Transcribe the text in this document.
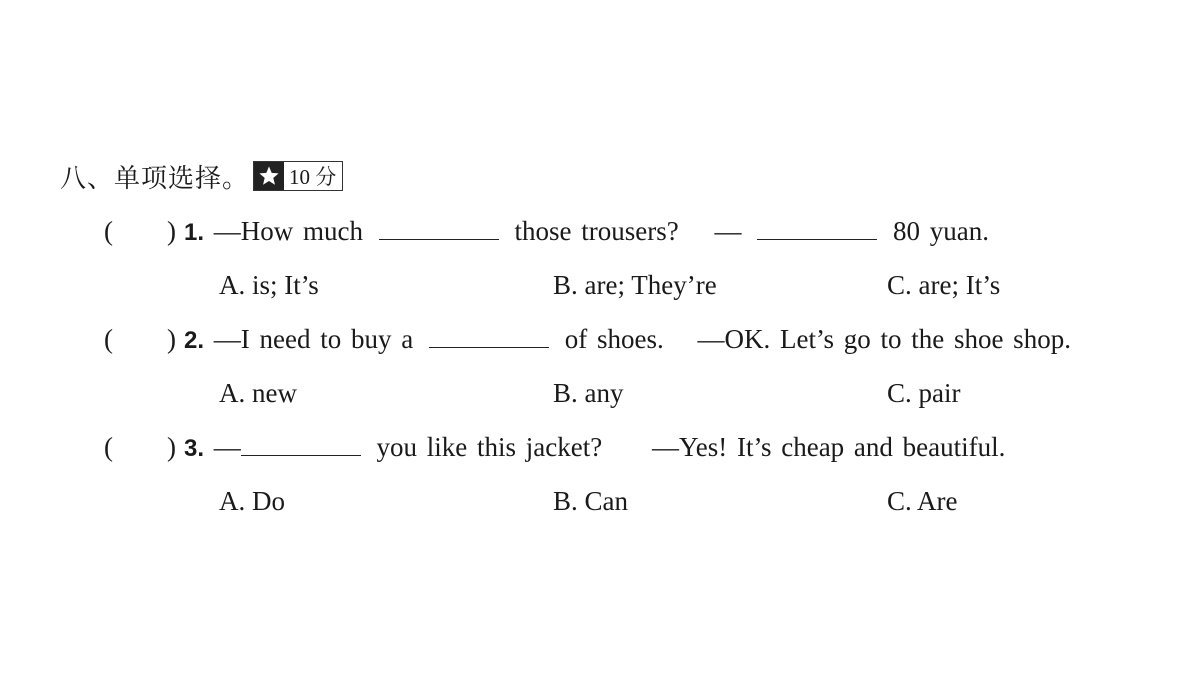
八、单项选择。 10 分
( ) 1. —How much	those trousers? —	80 yuan.
A. is; It’s	B. are; They’re	C. are; It’s
( ) 2. —I need to buy a	of shoes. —OK. Let’s go to the shoe shop.
A. new	B. any	C. pair
( ) 3. —	you like this jacket? —Yes! It’s cheap and beautiful.
A. Do	B. Can	C. Are
